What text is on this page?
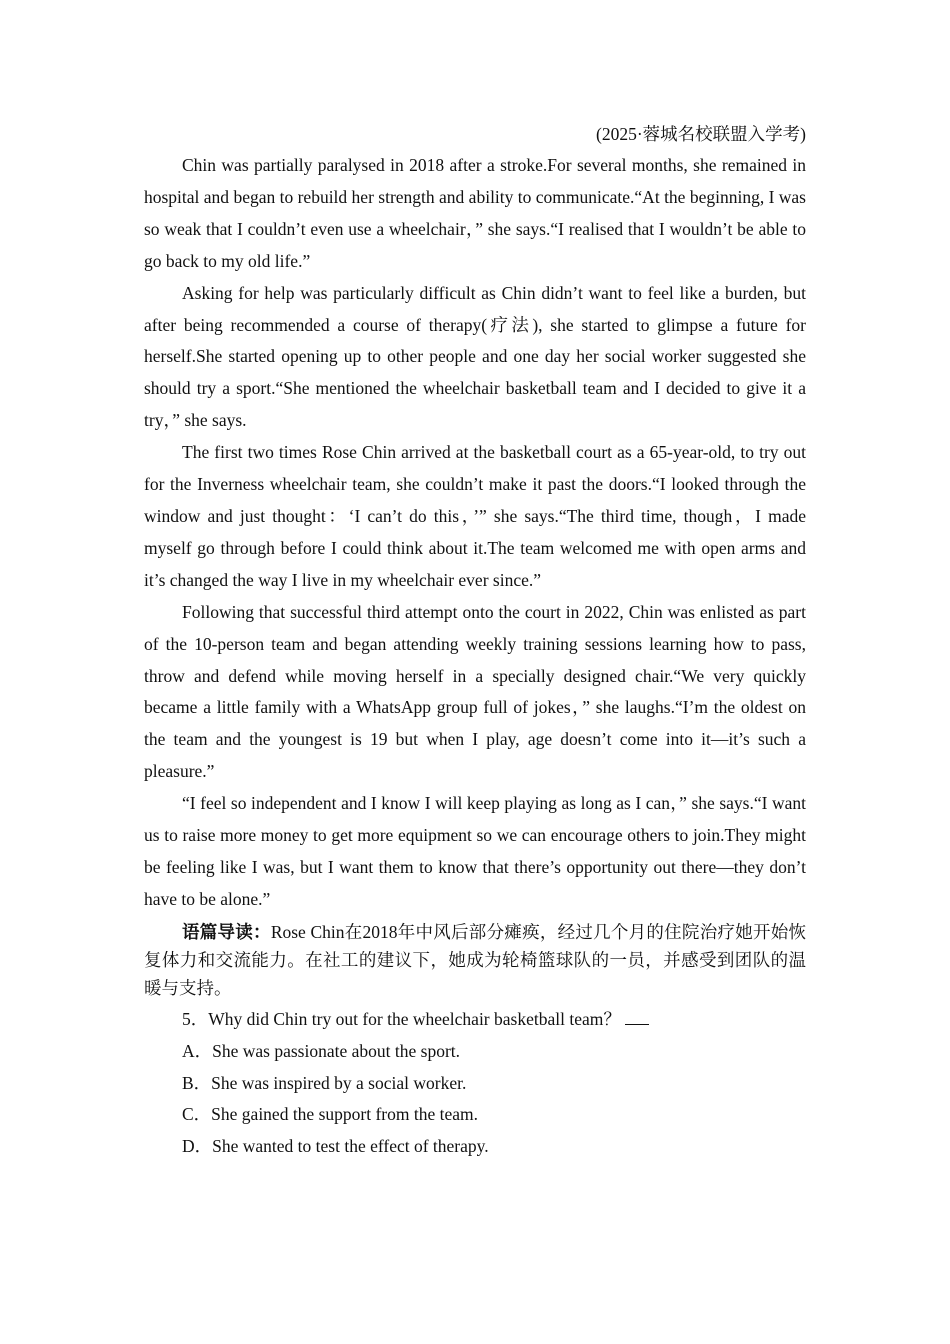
(2025·蓉城名校联盟入学考)

Chin was partially paralysed in 2018 after a stroke.For several months, she remained in hospital and began to rebuild her strength and ability to communicate.“At the beginning, I was so weak that I couldn’t even use a wheelchair，” she says.“I realised that I wouldn’t be able to go back to my old life.”

Asking for help was particularly difficult as Chin didn’t want to feel like a burden, but after being recommended a course of therapy(疗法), she started to glimpse a future for herself.She started opening up to other people and one day her social worker suggested she should try a sport.“She mentioned the wheelchair basketball team and I decided to give it a try，” she says.

The first two times Rose Chin arrived at the basketball court as a 65-year-old, to try out for the Inverness wheelchair team, she couldn’t make it past the doors.“I looked through the window and just thought：‘I can’t do this，’” she says.“The third time, though，I made myself go through before I could think about it.The team welcomed me with open arms and it’s changed the way I live in my wheelchair ever since.”

Following that successful third attempt onto the court in 2022, Chin was enlisted as part of the 10-person team and began attending weekly training sessions learning how to pass, throw and defend while moving herself in a specially designed chair.“We very quickly became a little family with a WhatsApp group full of jokes，” she laughs.“I’m the oldest on the team and the youngest is 19 but when I play, age doesn’t come into it—it’s such a pleasure.”

“I feel so independent and I know I will keep playing as long as I can，” she says.“I want us to raise more money to get more equipment so we can encourage others to join.They might be feeling like I was, but I want them to know that there’s opportunity out there—they don’t have to be alone.”

语篇导读：Rose Chin在2018年中风后部分瘫痪，经过几个月的住院治疗她开始恢复体力和交流能力。在社工的建议下，她成为轮椅篮球队的一员，并感受到团队的温暖与支持。

5．Why did Chin try out for the wheelchair basketball team？

A．She was passionate about the sport.

B．She was inspired by a social worker.

C．She gained the support from the team.

D．She wanted to test the effect of therapy.
